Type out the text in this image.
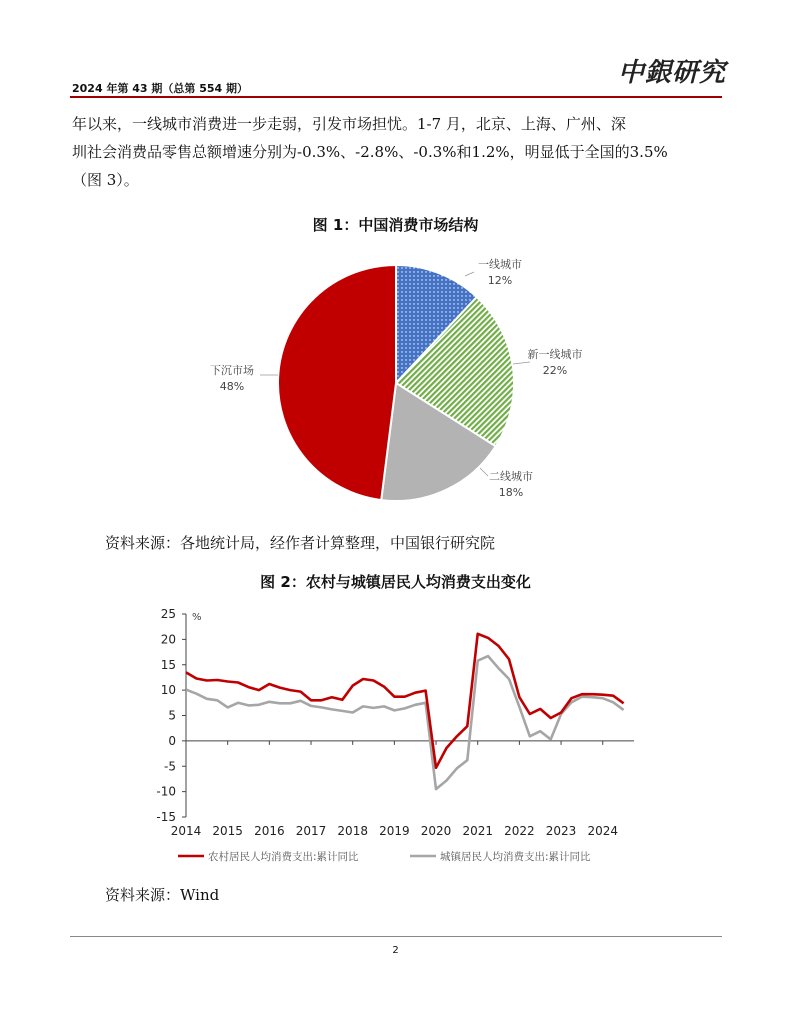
2024 年第 43 期（总第 554 期）
中銀研究

年以来，一线城市消费进一步走弱，引发市场担忧。1-7 月，北京、上海、广州、深

圳社会消费品零售总额增速分别为-0.3%、-2.8%、-0.3%和1.2%，明显低于全国的3.5%

（图 3）。

图 1：中国消费市场结构
一线城市
12%
新一线城市
22%
二线城市
18%
下沉市场
48%
资料来源：各地统计局，经作者计算整理，中国银行研究院
图 2：农村与城镇居民人均消费支出变化
25
20
15
10
5
0
-5
-10
-15
%
2014 2015 2016 2017 2018 2019 2020 2021 2022 2023 2024
农村居民人均消费支出:累计同比	城镇居民人均消费支出:累计同比
资料来源：Wind
2
